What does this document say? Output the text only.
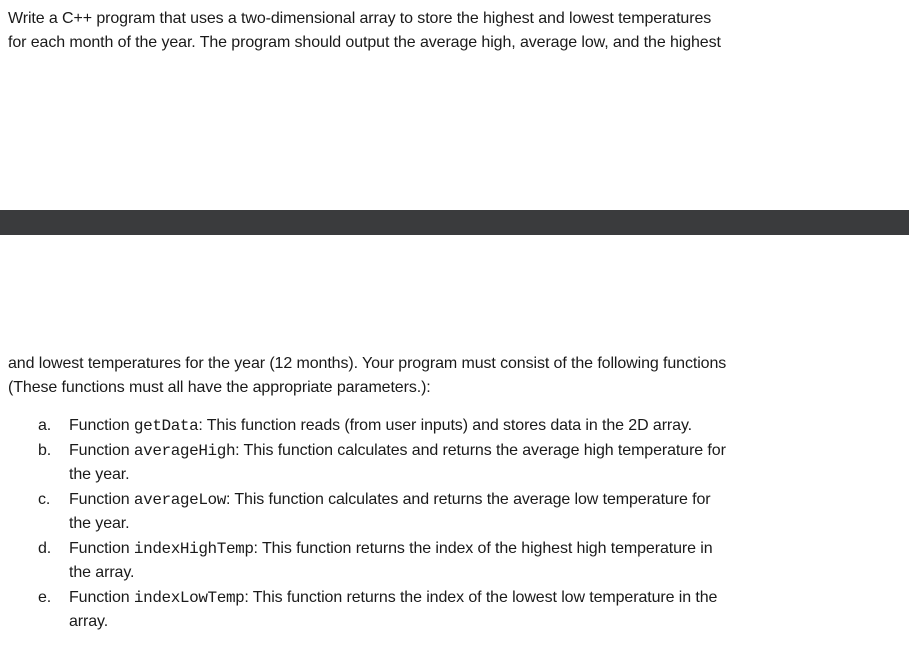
Write a C++ program that uses a two-dimensional array to store the highest and lowest temperatures
for each month of the year. The program should output the average high, average low, and the highest
and lowest temperatures for the year (12 months). Your program must consist of the following functions
(These functions must all have the appropriate parameters.):
a.	Function getData: This function reads (from user inputs) and stores data in the 2D array.
b.	Function averageHigh: This function calculates and returns the average high temperature for
the year.
c.	Function averageLow: This function calculates and returns the average low temperature for
the year.
d.	Function indexHighTemp: This function returns the index of the highest high temperature in
the array.
e.	Function indexLowTemp: This function returns the index of the lowest low temperature in the
array.
